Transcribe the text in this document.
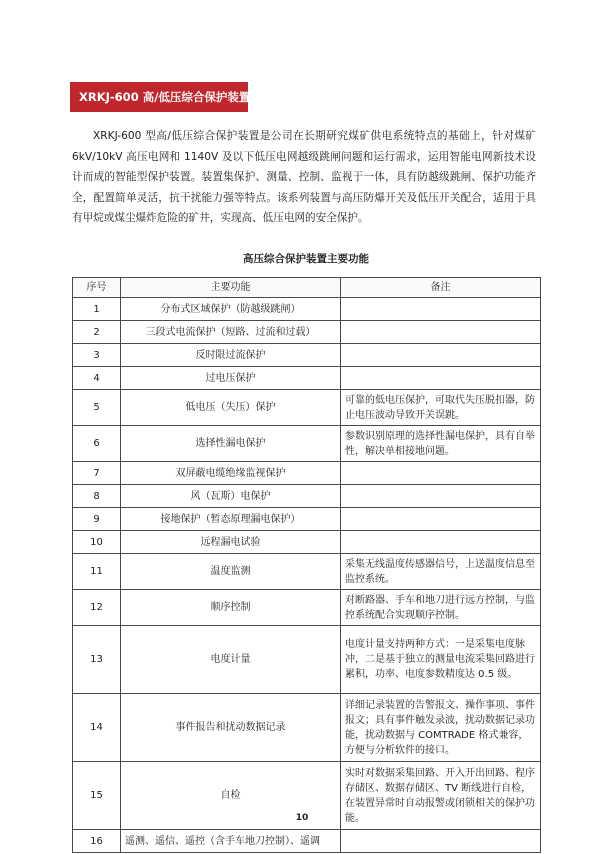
XRKJ-600 高/低压综合保护装置

XRKJ-600 型高/低压综合保护装置是公司在长期研究煤矿供电系统特点的基础上，针对煤矿6kV/10kV 高压电网和 1140V 及以下低压电网越级跳闸问题和运行需求，运用智能电网新技术设计而成的智能型保护装置。装置集保护、测量、控制、监视于一体，具有防越级跳闸、保护功能齐全，配置简单灵活，抗干扰能力强等特点。该系列装置与高压防爆开关及低压开关配合，适用于具有甲烷或煤尘爆炸危险的矿井，实现高、低压电网的安全保护。

高压综合保护装置主要功能
序号	主要功能	备注
1	分布式区域保护（防越级跳闸）	
2	三段式电流保护（短路、过流和过载）	
3	反时限过流保护	
4	过电压保护	
5	低电压（失压）保护	可靠的低电压保护，可取代失压脱扣器，防止电压波动导致开关误跳。
6	选择性漏电保护	参数识别原理的选择性漏电保护，具有自举性，解决单相接地问题。
7	双屏蔽电缆绝缘监视保护	
8	风（瓦斯）电保护	
9	接地保护（暂态原理漏电保护）	
10	远程漏电试验	
11	温度监测	采集无线温度传感器信号，上送温度信息至监控系统。
12	顺序控制	对断路器、手车和地刀进行远方控制，与监控系统配合实现顺序控制。
13	电度计量	电度计量支持两种方式：一是采集电度脉冲，二是基于独立的测量电流采集回路进行累积，功率、电度参数精度达 0.5 级。
14	事件报告和扰动数据记录	详细记录装置的告警报文、操作事项、事件报文；具有事件触发录波，扰动数据记录功能，扰动数据与 COMTRADE 格式兼容，方便与分析软件的接口。
15	自检	实时对数据采集回路、开入开出回路、程序存储区、数据存储区、TV 断线进行自检，在装置异常时自动报警或闭锁相关的保护功能。
16	遥测、遥信、遥控（含手车地刀控制）、遥调	
10
